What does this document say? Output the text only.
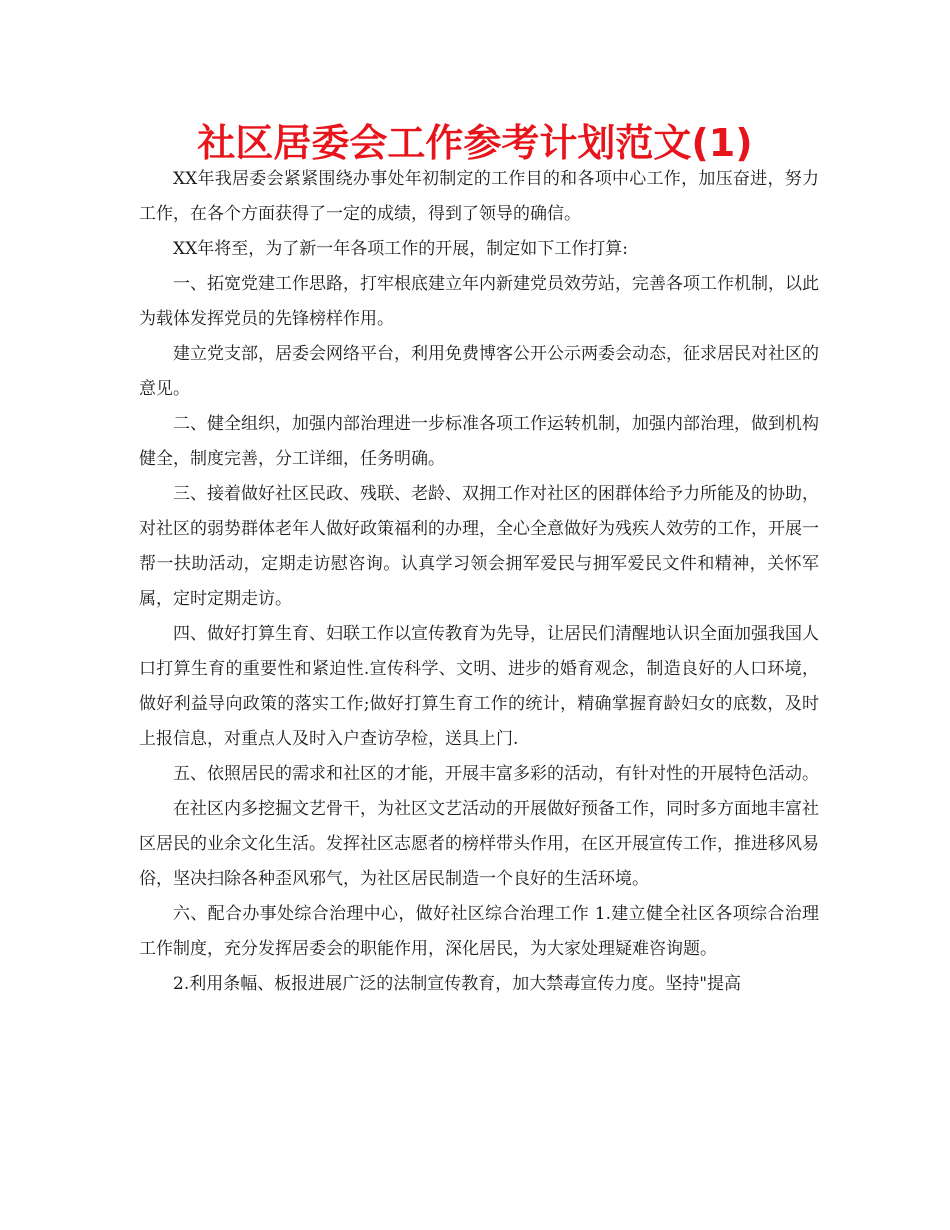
社区居委会工作参考计划范文(1)

XX年我居委会紧紧围绕办事处年初制定的工作目的和各项中心工作，加压奋进，努力工作，在各个方面获得了一定的成绩，得到了领导的确信。

XX年将至，为了新一年各项工作的开展，制定如下工作打算:

一、拓宽党建工作思路，打牢根底建立年内新建党员效劳站，完善各项工作机制，以此为载体发挥党员的先锋榜样作用。

建立党支部，居委会网络平台，利用免费博客公开公示两委会动态，征求居民对社区的意见。

二、健全组织，加强内部治理进一步标准各项工作运转机制，加强内部治理，做到机构健全，制度完善，分工详细，任务明确。

三、接着做好社区民政、残联、老龄、双拥工作对社区的困群体给予力所能及的协助，对社区的弱势群体老年人做好政策福利的办理，全心全意做好为残疾人效劳的工作，开展一帮一扶助活动，定期走访慰咨询。认真学习领会拥军爱民与拥军爱民文件和精神，关怀军属，定时定期走访。

四、做好打算生育、妇联工作以宣传教育为先导，让居民们清醒地认识全面加强我国人口打算生育的重要性和紧迫性.宣传科学、文明、进步的婚育观念，制造良好的人口环境，做好利益导向政策的落实工作;做好打算生育工作的统计，精确掌握育龄妇女的底数，及时上报信息，对重点人及时入户查访孕检，送具上门.

五、依照居民的需求和社区的才能，开展丰富多彩的活动，有针对性的开展特色活动。

在社区内多挖掘文艺骨干，为社区文艺活动的开展做好预备工作，同时多方面地丰富社区居民的业余文化生活。发挥社区志愿者的榜样带头作用，在区开展宣传工作，推进移风易俗，坚决扫除各种歪风邪气，为社区居民制造一个良好的生活环境。

六、配合办事处综合治理中心，做好社区综合治理工作 1.建立健全社区各项综合治理工作制度，充分发挥居委会的职能作用，深化居民，为大家处理疑难咨询题。

2.利用条幅、板报进展广泛的法制宣传教育，加大禁毒宣传力度。坚持"提高
